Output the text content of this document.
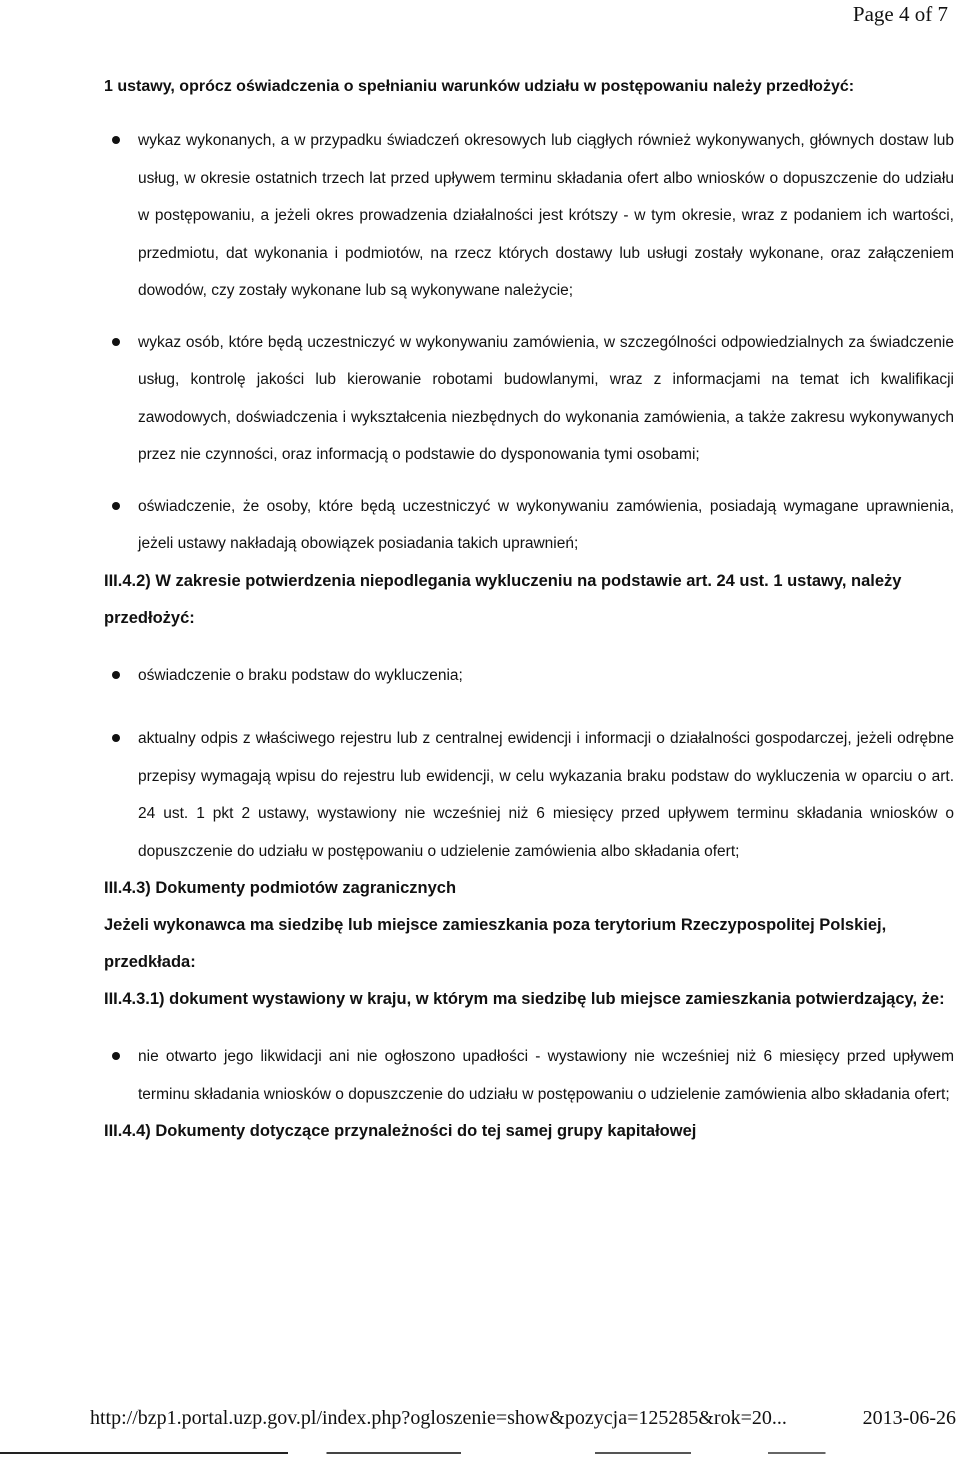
Page 4 of 7

1 ustawy, oprócz oświadczenia o spełnianiu warunków udziału w postępowaniu należy przedłożyć:

wykaz wykonanych, a w przypadku świadczeń okresowych lub ciągłych również wykonywanych, głównych dostaw lub usług, w okresie ostatnich trzech lat przed upływem terminu składania ofert albo wniosków o dopuszczenie do udziału w postępowaniu, a jeżeli okres prowadzenia działalności jest krótszy - w tym okresie, wraz z podaniem ich wartości, przedmiotu, dat wykonania i podmiotów, na rzecz których dostawy lub usługi zostały wykonane, oraz załączeniem dowodów, czy zostały wykonane lub są wykonywane należycie;
wykaz osób, które będą uczestniczyć w wykonywaniu zamówienia, w szczególności odpowiedzialnych za świadczenie usług, kontrolę jakości lub kierowanie robotami budowlanymi, wraz z informacjami na temat ich kwalifikacji zawodowych, doświadczenia i wykształcenia niezbędnych do wykonania zamówienia, a także zakresu wykonywanych przez nie czynności, oraz informacją o podstawie do dysponowania tymi osobami;
oświadczenie, że osoby, które będą uczestniczyć w wykonywaniu zamówienia, posiadają wymagane uprawnienia, jeżeli ustawy nakładają obowiązek posiadania takich uprawnień;

III.4.2) W zakresie potwierdzenia niepodlegania wykluczeniu na podstawie art. 24 ust. 1 ustawy, należy przedłożyć:

oświadczenie o braku podstaw do wykluczenia;
aktualny odpis z właściwego rejestru lub z centralnej ewidencji i informacji o działalności gospodarczej, jeżeli odrębne przepisy wymagają wpisu do rejestru lub ewidencji, w celu wykazania braku podstaw do wykluczenia w oparciu o art. 24 ust. 1 pkt 2 ustawy, wystawiony nie wcześniej niż 6 miesięcy przed upływem terminu składania wniosków o dopuszczenie do udziału w postępowaniu o udzielenie zamówienia albo składania ofert;

III.4.3) Dokumenty podmiotów zagranicznych

Jeżeli wykonawca ma siedzibę lub miejsce zamieszkania poza terytorium Rzeczypospolitej Polskiej, przedkłada:

III.4.3.1) dokument wystawiony w kraju, w którym ma siedzibę lub miejsce zamieszkania potwierdzający, że:

nie otwarto jego likwidacji ani nie ogłoszono upadłości - wystawiony nie wcześniej niż 6 miesięcy przed upływem terminu składania wniosków o dopuszczenie do udziału w postępowaniu o udzielenie zamówienia albo składania ofert;

III.4.4) Dokumenty dotyczące przynależności do tej samej grupy kapitałowej

http://bzp1.portal.uzp.gov.pl/index.php?ogloszenie=show&pozycja=125285&rok=20...	2013-06-26
